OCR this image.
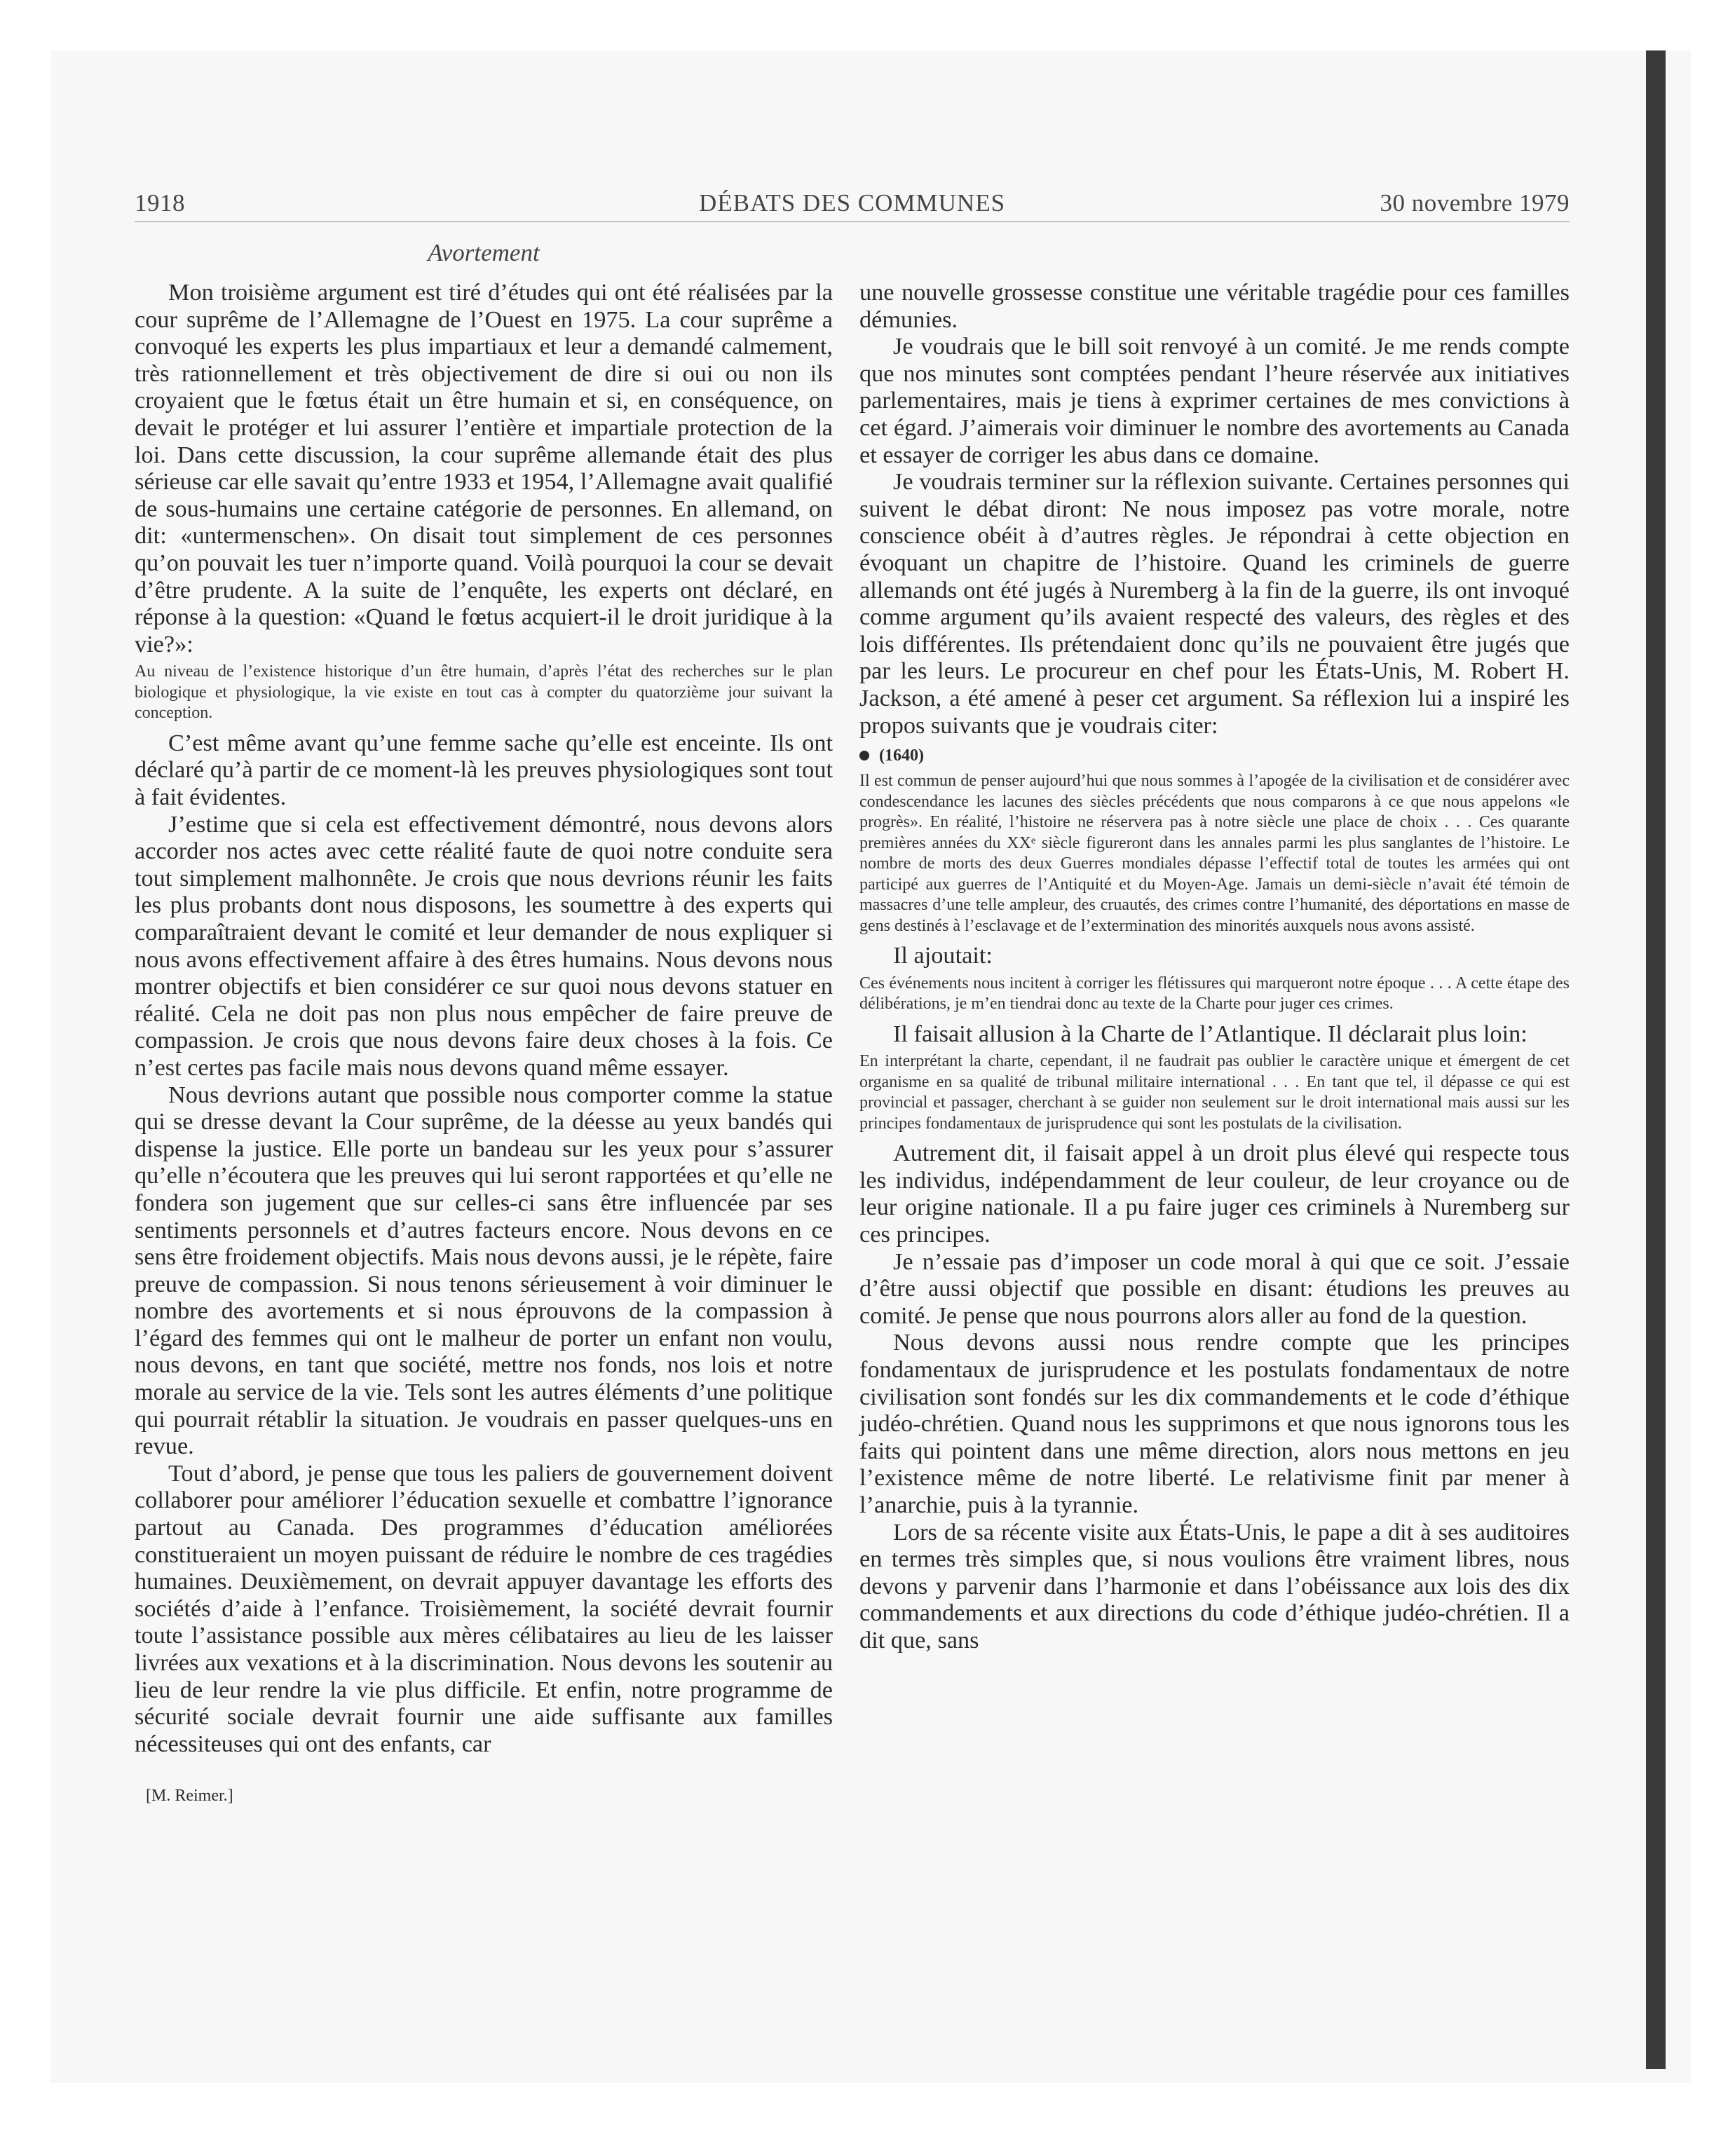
DÉBATS DES COMMUNES
1918	30 novembre 1979
Avortement

Mon troisième argument est tiré d’études qui ont été réalisées par la cour suprême de l’Allemagne de l’Ouest en 1975. La cour suprême a convoqué les experts les plus impartiaux et leur a demandé calmement, très rationnellement et très objectivement de dire si oui ou non ils croyaient que le fœtus était un être humain et si, en conséquence, on devait le protéger et lui assurer l’entière et impartiale protection de la loi. Dans cette discussion, la cour suprême allemande était des plus sérieuse car elle savait qu’entre 1933 et 1954, l’Allemagne avait qualifié de sous-humains une certaine catégorie de personnes. En allemand, on dit: «untermenschen». On disait tout simplement de ces personnes qu’on pouvait les tuer n’importe quand. Voilà pourquoi la cour se devait d’être prudente. A la suite de l’enquête, les experts ont déclaré, en réponse à la question: «Quand le fœtus acquiert-il le droit juridique à la vie?»:

Au niveau de l’existence historique d’un être humain, d’après l’état des recherches sur le plan biologique et physiologique, la vie existe en tout cas à compter du quatorzième jour suivant la conception.

C’est même avant qu’une femme sache qu’elle est enceinte. Ils ont déclaré qu’à partir de ce moment-là les preuves physiologiques sont tout à fait évidentes.

J’estime que si cela est effectivement démontré, nous devons alors accorder nos actes avec cette réalité faute de quoi notre conduite sera tout simplement malhonnête. Je crois que nous devrions réunir les faits les plus probants dont nous disposons, les soumettre à des experts qui comparaîtraient devant le comité et leur demander de nous expliquer si nous avons effectivement affaire à des êtres humains. Nous devons nous montrer objectifs et bien considérer ce sur quoi nous devons statuer en réalité. Cela ne doit pas non plus nous empêcher de faire preuve de compassion. Je crois que nous devons faire deux choses à la fois. Ce n’est certes pas facile mais nous devons quand même essayer.

Nous devrions autant que possible nous comporter comme la statue qui se dresse devant la Cour suprême, de la déesse au yeux bandés qui dispense la justice. Elle porte un bandeau sur les yeux pour s’assurer qu’elle n’écoutera que les preuves qui lui seront rapportées et qu’elle ne fondera son jugement que sur celles-ci sans être influencée par ses sentiments personnels et d’autres facteurs encore. Nous devons en ce sens être froidement objectifs. Mais nous devons aussi, je le répète, faire preuve de compassion. Si nous tenons sérieusement à voir diminuer le nombre des avortements et si nous éprouvons de la compassion à l’égard des femmes qui ont le malheur de porter un enfant non voulu, nous devons, en tant que société, mettre nos fonds, nos lois et notre morale au service de la vie. Tels sont les autres éléments d’une politique qui pourrait rétablir la situation. Je voudrais en passer quelques-uns en revue.

Tout d’abord, je pense que tous les paliers de gouvernement doivent collaborer pour améliorer l’éducation sexuelle et combattre l’ignorance partout au Canada. Des programmes d’éducation améliorées constitueraient un moyen puissant de réduire le nombre de ces tragédies humaines. Deuxièmement, on devrait appuyer davantage les efforts des sociétés d’aide à l’enfance. Troisièmement, la société devrait fournir toute l’assistance possible aux mères célibataires au lieu de les laisser livrées aux vexations et à la discrimination. Nous devons les soutenir au lieu de leur rendre la vie plus difficile. Et enfin, notre programme de sécurité sociale devrait fournir une aide suffisante aux familles nécessiteuses qui ont des enfants, car

[M. Reimer.]

une nouvelle grossesse constitue une véritable tragédie pour ces familles démunies.

Je voudrais que le bill soit renvoyé à un comité. Je me rends compte que nos minutes sont comptées pendant l’heure réservée aux initiatives parlementaires, mais je tiens à exprimer certaines de mes convictions à cet égard. J’aimerais voir diminuer le nombre des avortements au Canada et essayer de corriger les abus dans ce domaine.

Je voudrais terminer sur la réflexion suivante. Certaines personnes qui suivent le débat diront: Ne nous imposez pas votre morale, notre conscience obéit à d’autres règles. Je répondrai à cette objection en évoquant un chapitre de l’histoire. Quand les criminels de guerre allemands ont été jugés à Nuremberg à la fin de la guerre, ils ont invoqué comme argument qu’ils avaient respecté des valeurs, des règles et des lois différentes. Ils prétendaient donc qu’ils ne pouvaient être jugés que par les leurs. Le procureur en chef pour les États-Unis, M. Robert H. Jackson, a été amené à peser cet argument. Sa réflexion lui a inspiré les propos suivants que je voudrais citer:

(1640)

Il est commun de penser aujourd’hui que nous sommes à l’apogée de la civilisation et de considérer avec condescendance les lacunes des siècles précédents que nous comparons à ce que nous appelons «le progrès». En réalité, l’histoire ne réservera pas à notre siècle une place de choix . . . Ces quarante premières années du XXᵉ siècle figureront dans les annales parmi les plus sanglantes de l’histoire. Le nombre de morts des deux Guerres mondiales dépasse l’effectif total de toutes les armées qui ont participé aux guerres de l’Antiquité et du Moyen-Age. Jamais un demi-siècle n’avait été témoin de massacres d’une telle ampleur, des cruautés, des crimes contre l’humanité, des déportations en masse de gens destinés à l’esclavage et de l’extermination des minorités auxquels nous avons assisté.

Il ajoutait:

Ces événements nous incitent à corriger les flétissures qui marqueront notre époque . . . A cette étape des délibérations, je m’en tiendrai donc au texte de la Charte pour juger ces crimes.

Il faisait allusion à la Charte de l’Atlantique. Il déclarait plus loin:

En interprétant la charte, cependant, il ne faudrait pas oublier le caractère unique et émergent de cet organisme en sa qualité de tribunal militaire international . . . En tant que tel, il dépasse ce qui est provincial et passager, cherchant à se guider non seulement sur le droit international mais aussi sur les principes fondamentaux de jurisprudence qui sont les postulats de la civilisation.

Autrement dit, il faisait appel à un droit plus élevé qui respecte tous les individus, indépendamment de leur couleur, de leur croyance ou de leur origine nationale. Il a pu faire juger ces criminels à Nuremberg sur ces principes.

Je n’essaie pas d’imposer un code moral à qui que ce soit. J’essaie d’être aussi objectif que possible en disant: étudions les preuves au comité. Je pense que nous pourrons alors aller au fond de la question.

Nous devons aussi nous rendre compte que les principes fondamentaux de jurisprudence et les postulats fondamentaux de notre civilisation sont fondés sur les dix commandements et le code d’éthique judéo-chrétien. Quand nous les supprimons et que nous ignorons tous les faits qui pointent dans une même direction, alors nous mettons en jeu l’existence même de notre liberté. Le relativisme finit par mener à l’anarchie, puis à la tyrannie.

Lors de sa récente visite aux États-Unis, le pape a dit à ses auditoires en termes très simples que, si nous voulions être vraiment libres, nous devons y parvenir dans l’harmonie et dans l’obéissance aux lois des dix commandements et aux directions du code d’éthique judéo-chrétien. Il a dit que, sans
